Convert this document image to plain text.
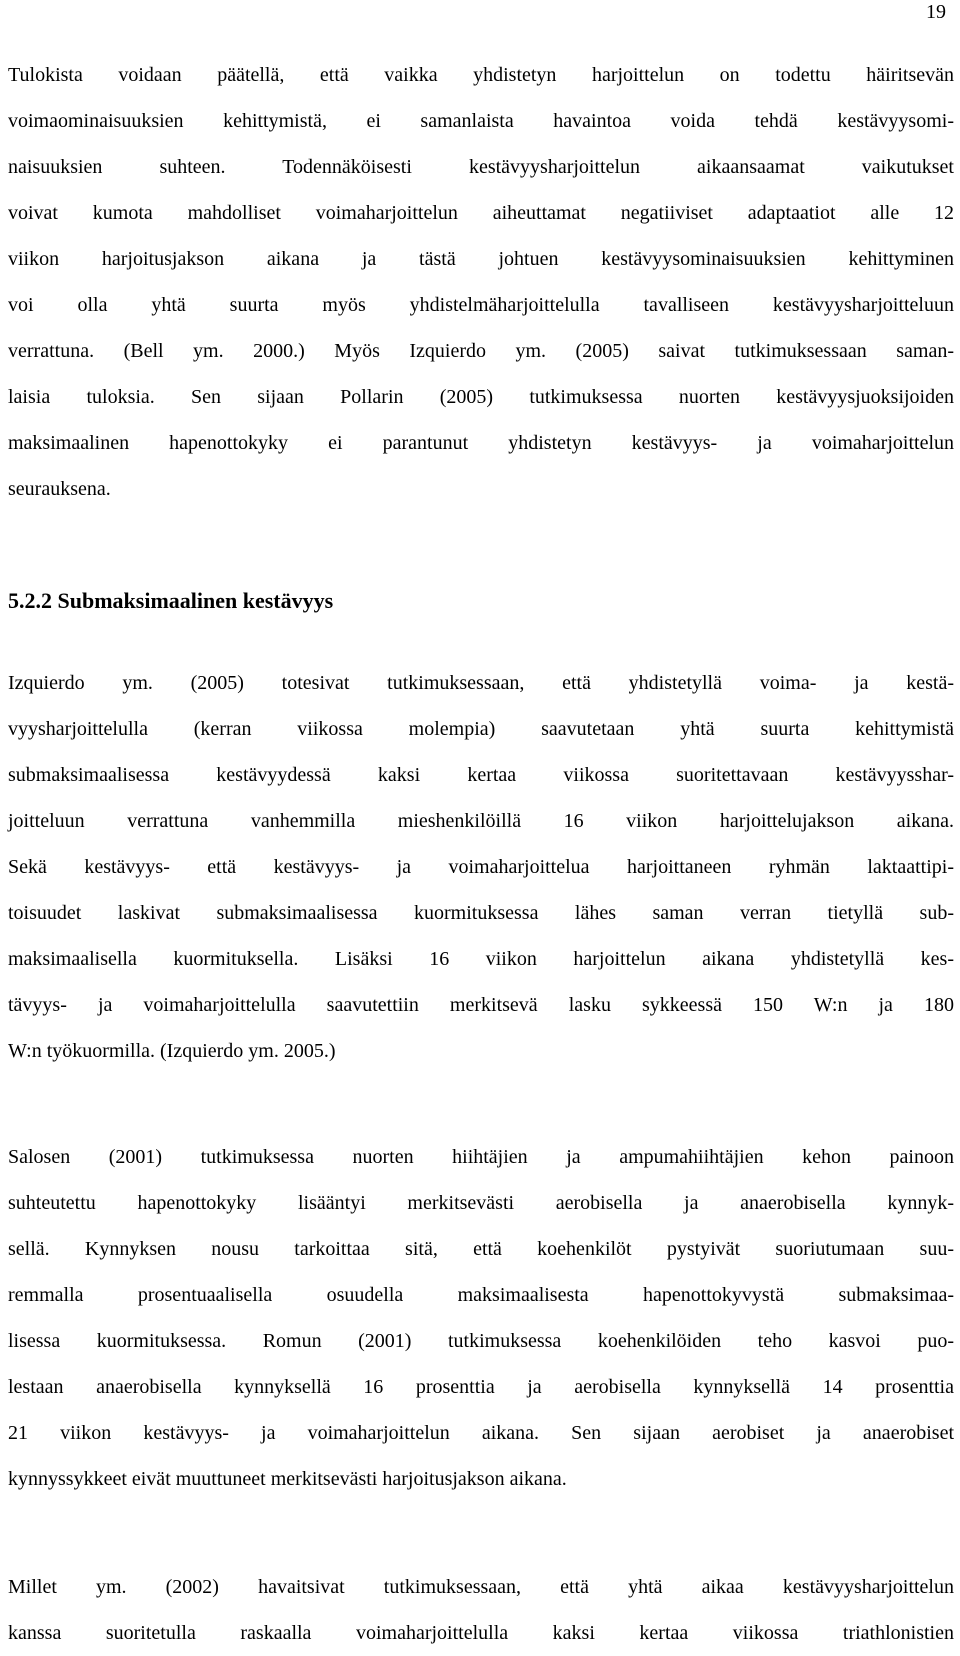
19
Tulokista voidaan päätellä, että vaikka yhdistetyn harjoittelun on todettu häiritsevän
voimaominaisuuksien kehittymistä, ei samanlaista havaintoa voida tehdä kestävyysomi-
naisuuksien suhteen. Todennäköisesti kestävyysharjoittelun aikaansaamat vaikutukset
voivat kumota mahdolliset voimaharjoittelun aiheuttamat negatiiviset adaptaatiot alle 12
viikon harjoitusjakson aikana ja tästä johtuen kestävyysominaisuuksien kehittyminen
voi olla yhtä suurta myös yhdistelmäharjoittelulla tavalliseen kestävyysharjoitteluun
verrattuna. (Bell ym. 2000.) Myös Izquierdo ym. (2005) saivat tutkimuksessaan saman-
laisia tuloksia. Sen sijaan Pollarin (2005) tutkimuksessa nuorten kestävyysjuoksijoiden
maksimaalinen hapenottokyky ei parantunut yhdistetyn kestävyys- ja voimaharjoittelun
seurauksena.
5.2.2 Submaksimaalinen kestävyys
Izquierdo ym. (2005) totesivat tutkimuksessaan, että yhdistetyllä voima- ja kestä-
vyysharjoittelulla (kerran viikossa molempia) saavutetaan yhtä suurta kehittymistä
submaksimaalisessa kestävyydessä kaksi kertaa viikossa suoritettavaan kestävyysshar-
joitteluun verrattuna vanhemmilla mieshenkilöillä 16 viikon harjoittelujakson aikana.
Sekä kestävyys- että kestävyys- ja voimaharjoittelua harjoittaneen ryhmän laktaattipi-
toisuudet laskivat submaksimaalisessa kuormituksessa lähes saman verran tietyllä sub-
maksimaalisella kuormituksella. Lisäksi 16 viikon harjoittelun aikana yhdistetyllä kes-
tävyys- ja voimaharjoittelulla saavutettiin merkitsevä lasku sykkeessä 150 W:n ja 180
W:n työkuormilla. (Izquierdo ym. 2005.)
Salosen (2001) tutkimuksessa nuorten hiihtäjien ja ampumahiihtäjien kehon painoon
suhteutettu hapenottokyky lisääntyi merkitsevästi aerobisella ja anaerobisella kynnyk-
sellä. Kynnyksen nousu tarkoittaa sitä, että koehenkilöt pystyivät suoriutumaan suu-
remmalla prosentuaalisella osuudella maksimaalisesta hapenottokyvystä submaksimaa-
lisessa kuormituksessa. Romun (2001) tutkimuksessa koehenkilöiden teho kasvoi puo-
lestaan anaerobisella kynnyksellä 16 prosenttia ja aerobisella kynnyksellä 14 prosenttia
21 viikon kestävyys- ja voimaharjoittelun aikana. Sen sijaan aerobiset ja anaerobiset
kynnyssykkeet eivät muuttuneet merkitsevästi harjoitusjakson aikana.
Millet ym. (2002) havaitsivat tutkimuksessaan, että yhtä aikaa kestävyysharjoittelun
kanssa suoritetulla raskaalla voimaharjoittelulla kaksi kertaa viikossa triathlonistien
